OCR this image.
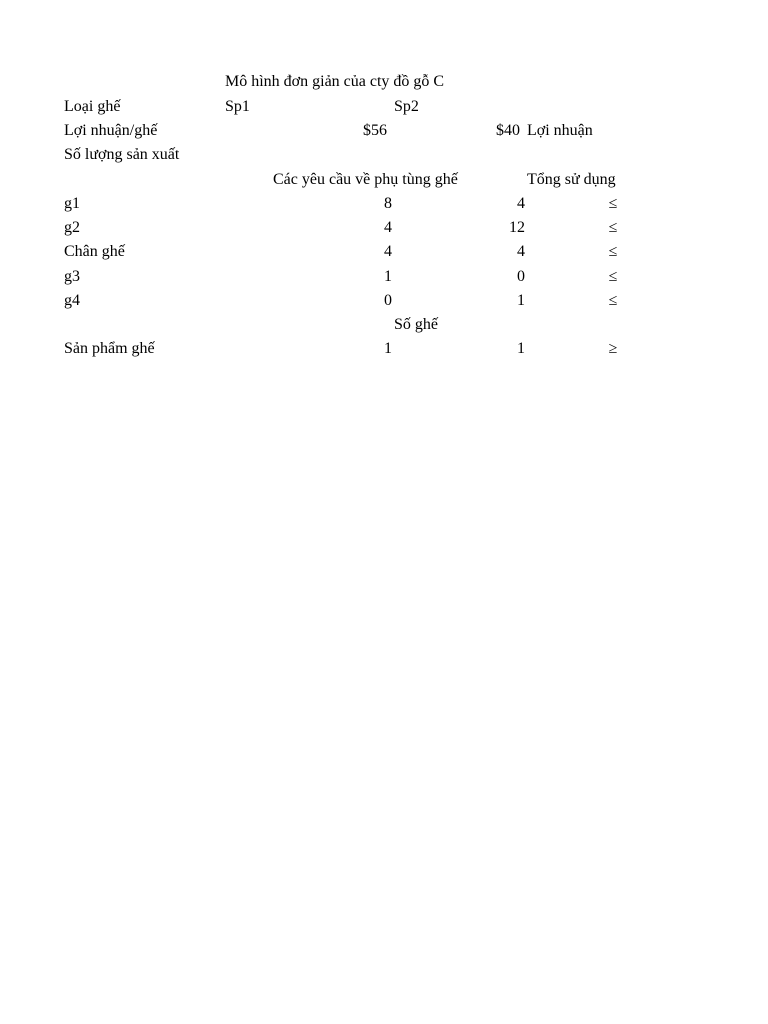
Mô hình đơn giản của cty đồ gỗ C
Loại ghế	Sp1	Sp2
Lợi nhuận/ghế	$56	$40 Lợi nhuận
Số lượng sản xuất
Các yêu cầu về phụ tùng ghế	Tổng sử dụng
g1	8	4	≤
g2	4	12	≤
Chân ghế	4	4	≤
g3	1	0	≤
g4	0	1	≤
Số ghế
Sản phẩm ghế	1	1	≥
